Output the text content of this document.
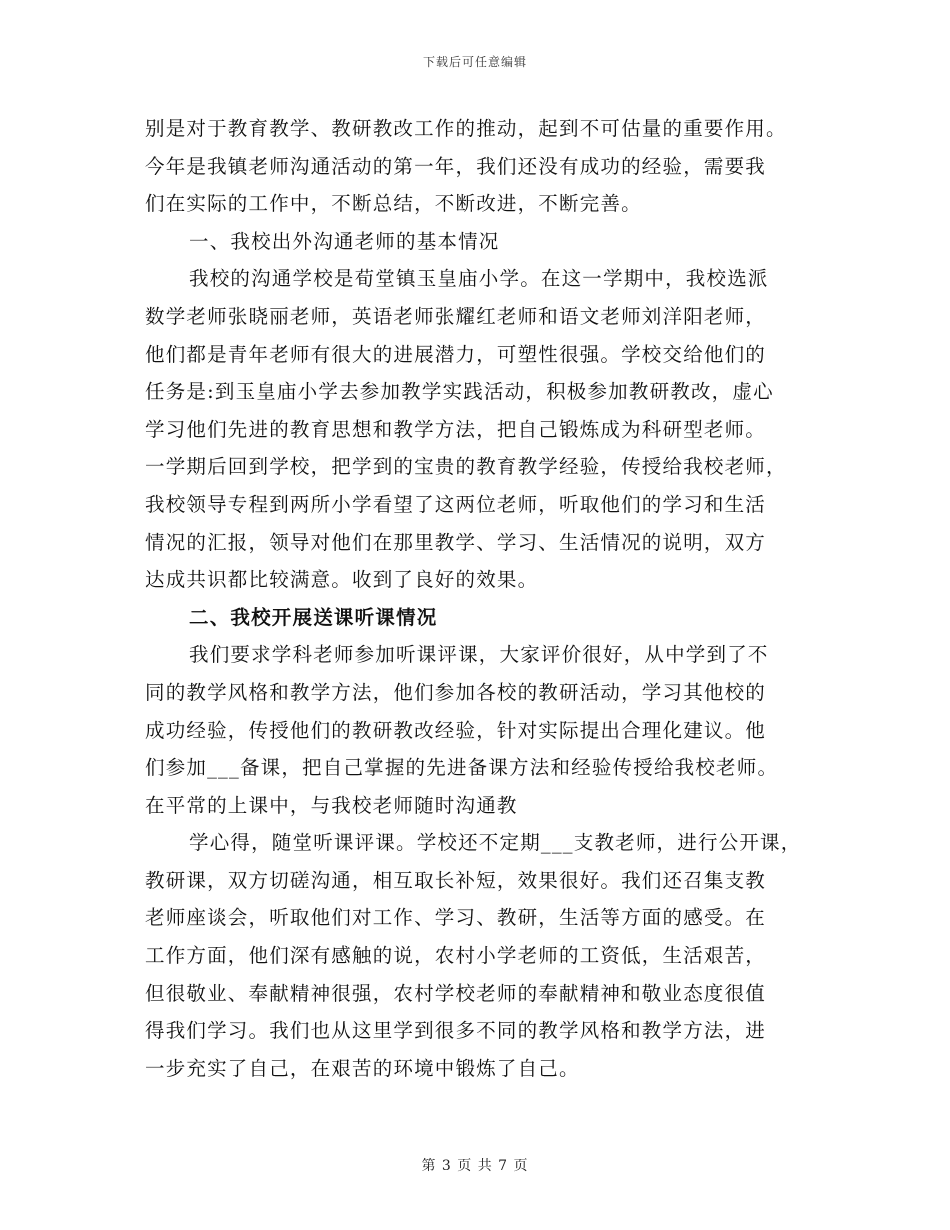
下载后可任意编辑
别是对于教育教学、教研教改工作的推动，起到不可估量的重要作用。
今年是我镇老师沟通活动的第一年，我们还没有成功的经验，需要我
们在实际的工作中，不断总结，不断改进，不断完善。
一、我校出外沟通老师的基本情况
我校的沟通学校是荀堂镇玉皇庙小学。在这一学期中，我校选派
数学老师张晓丽老师，英语老师张耀红老师和语文老师刘洋阳老师，
他们都是青年老师有很大的进展潜力，可塑性很强。学校交给他们的
任务是:到玉皇庙小学去参加教学实践活动，积极参加教研教改，虚心
学习他们先进的教育思想和教学方法，把自己锻炼成为科研型老师。
一学期后回到学校，把学到的宝贵的教育教学经验，传授给我校老师，
我校领导专程到两所小学看望了这两位老师，听取他们的学习和生活
情况的汇报，领导对他们在那里教学、学习、生活情况的说明，双方
达成共识都比较满意。收到了良好的效果。
二、我校开展送课听课情况
我们要求学科老师参加听课评课，大家评价很好，从中学到了不
同的教学风格和教学方法，他们参加各校的教研活动，学习其他校的
成功经验，传授他们的教研教改经验，针对实际提出合理化建议。他
们参加___备课，把自己掌握的先进备课方法和经验传授给我校老师。
在平常的上课中，与我校老师随时沟通教
学心得，随堂听课评课。学校还不定期___支教老师，进行公开课，
教研课，双方切磋沟通，相互取长补短，效果很好。我们还召集支教
老师座谈会，听取他们对工作、学习、教研，生活等方面的感受。在
工作方面，他们深有感触的说，农村小学老师的工资低，生活艰苦，
但很敬业、奉献精神很强，农村学校老师的奉献精神和敬业态度很值
得我们学习。我们也从这里学到很多不同的教学风格和教学方法，进
一步充实了自己，在艰苦的环境中锻炼了自己。
第 3 页 共 7 页
